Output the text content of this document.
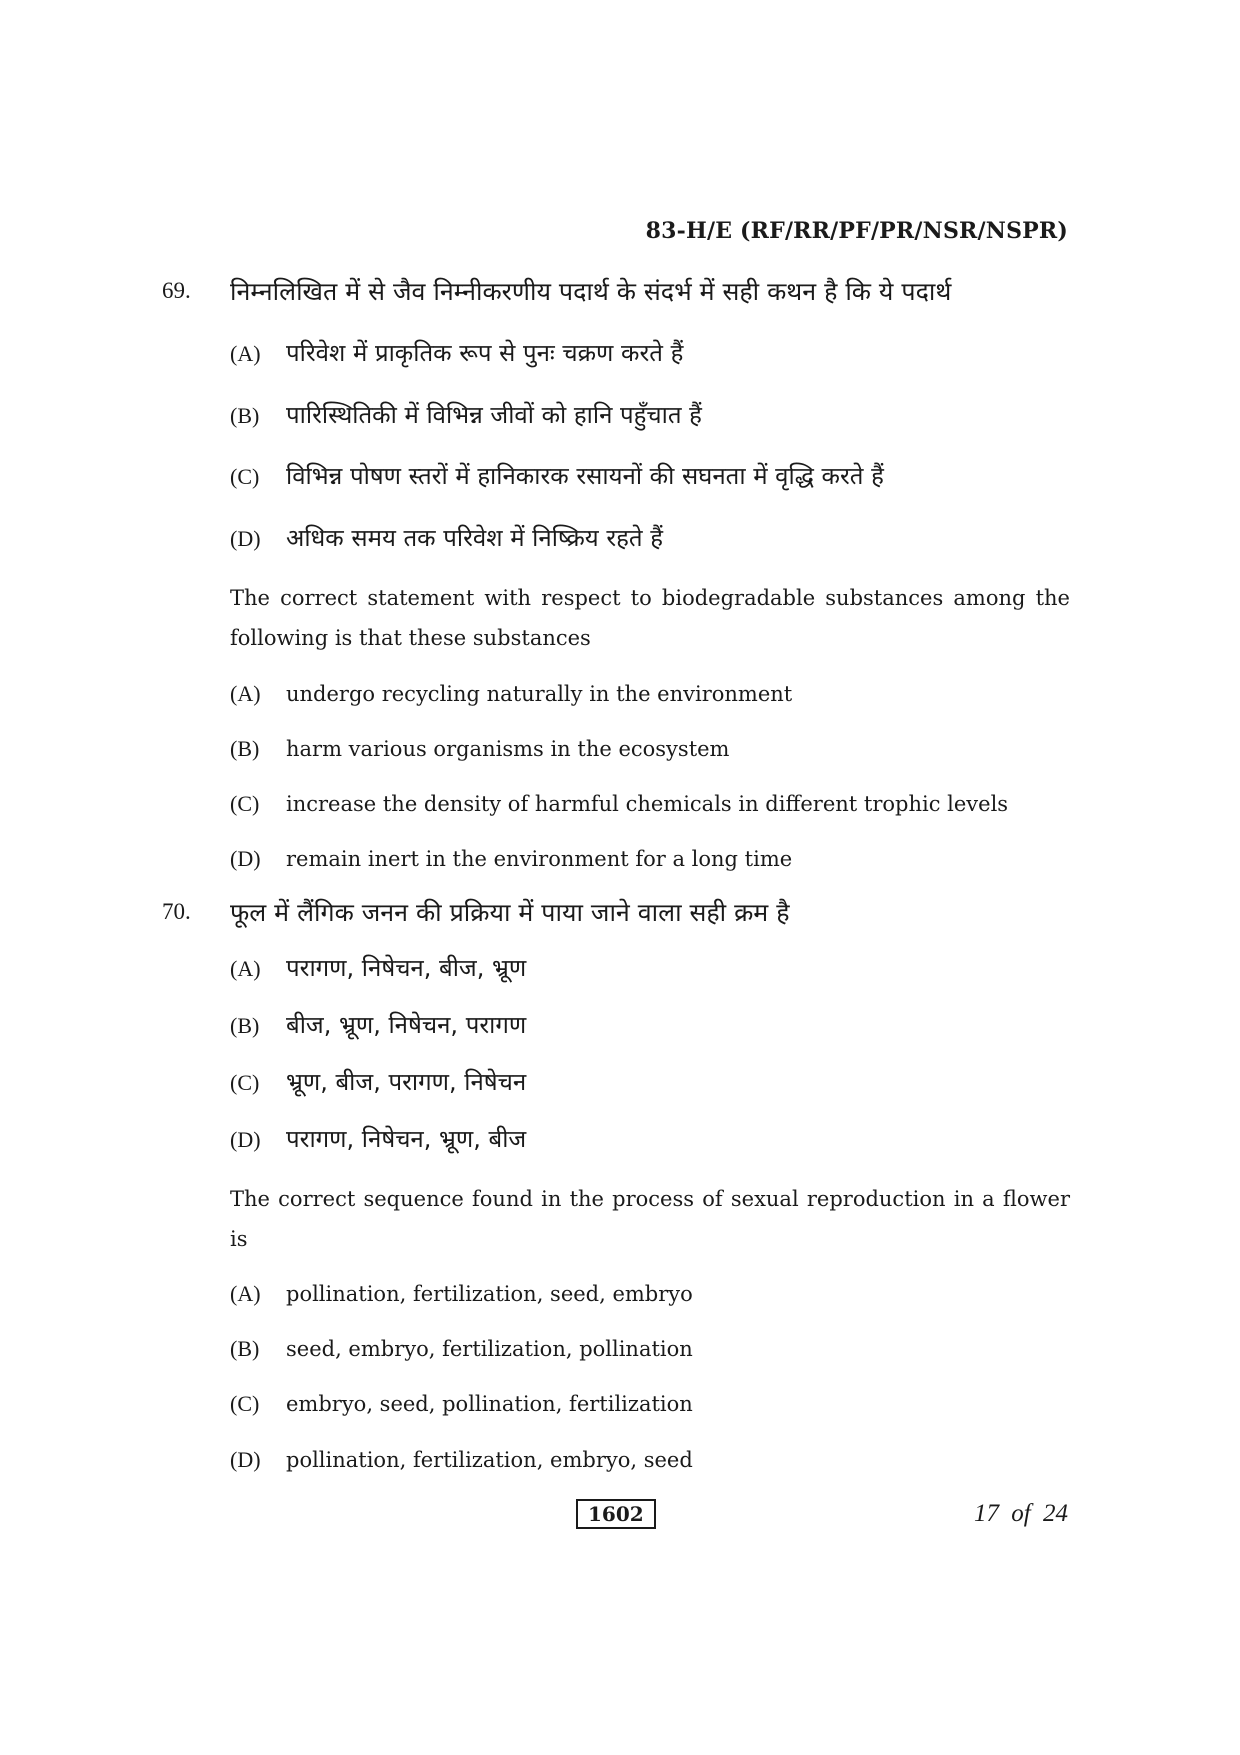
83-H/E (RF/RR/PF/PR/NSR/NSPR)
69. निम्नलिखित में से जैव निम्नीकरणीय पदार्थ के संदर्भ में सही कथन है कि ये पदार्थ
(A) परिवेश में प्राकृतिक रूप से पुनः चक्रण करते हैं
(B) पारिस्थितिकी में विभिन्न जीवों को हानि पहुँचात हैं
(C) विभिन्न पोषण स्तरों में हानिकारक रसायनों की सघनता में वृद्धि करते हैं
(D) अधिक समय तक परिवेश में निष्क्रिय रहते हैं
The correct statement with respect to biodegradable substances among the following is that these substances
(A) undergo recycling naturally in the environment
(B) harm various organisms in the ecosystem
(C) increase the density of harmful chemicals in different trophic levels
(D) remain inert in the environment for a long time
70. फूल में लैंगिक जनन की प्रक्रिया में पाया जाने वाला सही क्रम है
(A) परागण, निषेचन, बीज, भ्रूण
(B) बीज, भ्रूण, निषेचन, परागण
(C) भ्रूण, बीज, परागण, निषेचन
(D) परागण, निषेचन, भ्रूण, बीज
The correct sequence found in the process of sexual reproduction in a flower is
(A) pollination, fertilization, seed, embryo
(B) seed, embryo, fertilization, pollination
(C) embryo, seed, pollination, fertilization
(D) pollination, fertilization, embryo, seed
1602	17 of 24
